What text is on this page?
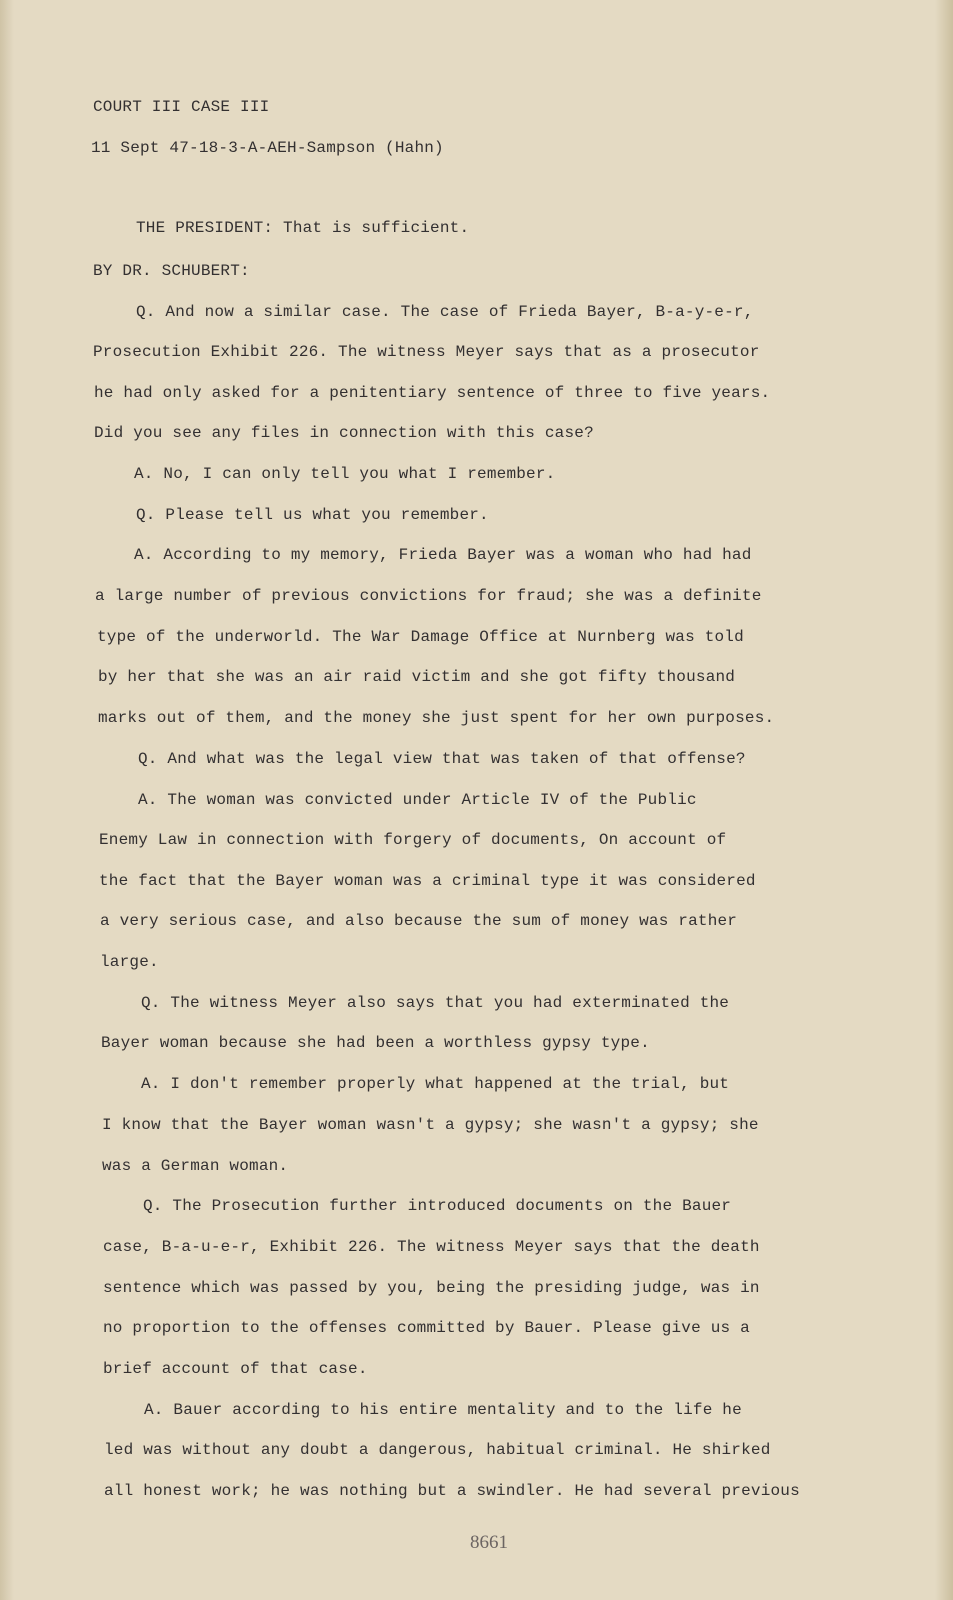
COURT III CASE III
11 Sept 47-18-3-A-AEH-Sampson (Hahn)
THE PRESIDENT: That is sufficient.
BY DR. SCHUBERT:
Q. And now a similar case. The case of Frieda Bayer, B-a-y-e-r,
Prosecution Exhibit 226. The witness Meyer says that as a prosecutor
he had only asked for a penitentiary sentence of three to five years.
Did you see any files in connection with this case?
A. No, I can only tell you what I remember.
Q. Please tell us what you remember.
A. According to my memory, Frieda Bayer was a woman who had had
a large number of previous convictions for fraud; she was a definite
type of the underworld. The War Damage Office at Nurnberg was told
by her that she was an air raid victim and she got fifty thousand
marks out of them, and the money she just spent for her own purposes.
Q. And what was the legal view that was taken of that offense?
A. The woman was convicted under Article IV of the Public
Enemy Law in connection with forgery of documents, On account of
the fact that the Bayer woman was a criminal type it was considered
a very serious case, and also because the sum of money was rather
large.
Q. The witness Meyer also says that you had exterminated the
Bayer woman because she had been a worthless gypsy type.
A. I don't remember properly what happened at the trial, but
I know that the Bayer woman wasn't a gypsy; she wasn't a gypsy; she
was a German woman.
Q. The Prosecution further introduced documents on the Bauer
case, B-a-u-e-r, Exhibit 226. The witness Meyer says that the death
sentence which was passed by you, being the presiding judge, was in
no proportion to the offenses committed by Bauer. Please give us a
brief account of that case.
A. Bauer according to his entire mentality and to the life he
led was without any doubt a dangerous, habitual criminal. He shirked
all honest work; he was nothing but a swindler. He had several previous
8661
